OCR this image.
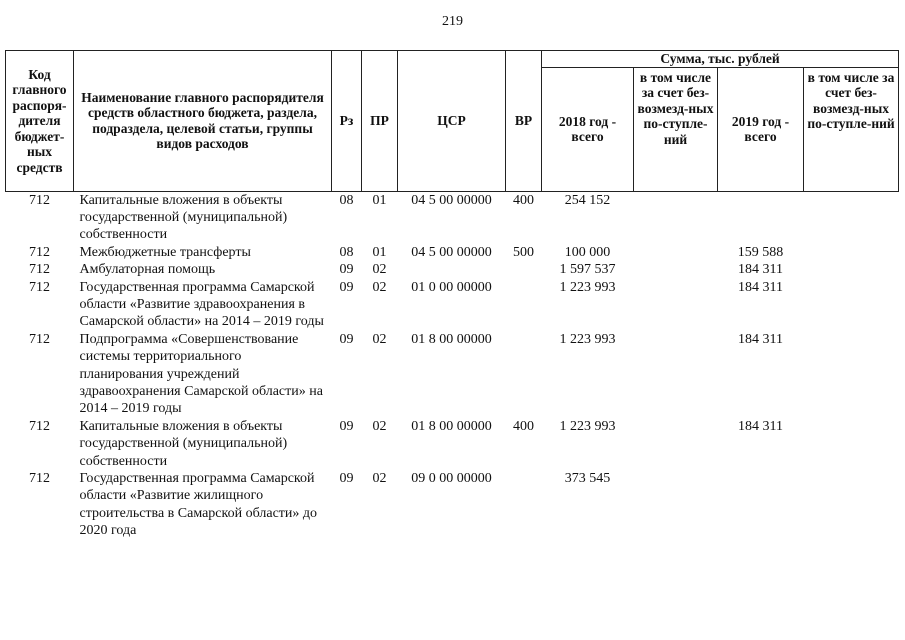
219
Код главного распоря-дителя бюджет-ных средств	Наименование главного распорядителя средств областного бюджета, раздела, подраздела, целевой статьи, группы видов расходов	Рз	ПР	ЦСР	ВР	Сумма, тыс. рублей			
						2018 год - всего	в том числе за счет без-возмезд-ных по-ступле-ний	2019 год - всего	в том числе за счет без-возмезд-ных по-ступле-ний
712	Капитальные вложения в объекты государственной (муниципальной) собственности	08	01	04 5 00 00000	400	254 152			
712	Межбюджетные трансферты	08	01	04 5 00 00000	500	100 000		159 588	
712	Амбулаторная помощь	09	02			1 597 537		184 311	
712	Государственная программа Самарской области «Развитие здравоохранения в Самарской области» на 2014 – 2019 годы	09	02	01 0 00 00000		1 223 993		184 311	
712	Подпрограмма «Совершенствование системы территориального планирования учреждений здравоохранения Самарской области» на 2014 – 2019 годы	09	02	01 8 00 00000		1 223 993		184 311	
712	Капитальные вложения в объекты государственной (муниципальной) собственности	09	02	01 8 00 00000	400	1 223 993		184 311	
712	Государственная программа Самарской области «Развитие жилищного строительства в Самарской области» до 2020 года	09	02	09 0 00 00000		373 545			
